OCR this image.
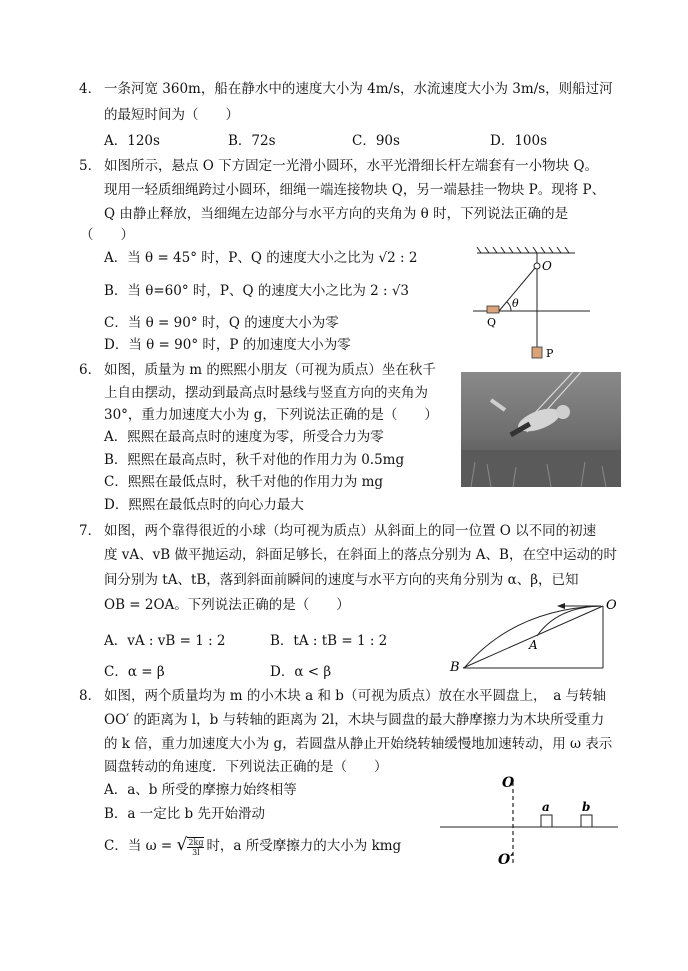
4． 一条河宽 360m，船在静水中的速度大小为 4m/s，水流速度大小为 3m/s，则船过河
的最短时间为（　　）
A．120s	B．72s	C．90s	D．100s
5． 如图所示，悬点 O 下方固定一光滑小圆环，水平光滑细长杆左端套有一小物块 Q。
现用一轻质细绳跨过小圆环，细绳一端连接物块 Q，另一端悬挂一物块 P。现将 P、
Q 由静止释放，当细绳左边部分与水平方向的夹角为 θ 时，下列说法正确的是
（　　）
A．当 θ = 45° 时，P、Q 的速度大小之比为 √2 : 2
B．当 θ=60° 时，P、Q 的速度大小之比为 2 : √3
C．当 θ = 90° 时，Q 的速度大小为零
D．当 θ = 90° 时，P 的加速度大小为零
O
θ
Q
P
6． 如图，质量为 m 的熙熙小朋友（可视为质点）坐在秋千
上自由摆动，摆动到最高点时悬线与竖直方向的夹角为
30°，重力加速度大小为 g，下列说法正确的是（　　）
A．熙熙在最高点时的速度为零，所受合力为零
B．熙熙在最高点时，秋千对他的作用力为 0.5mg
C．熙熙在最低点时，秋千对他的作用力为 mg
D．熙熙在最低点时的向心力最大
7． 如图，两个靠得很近的小球（均可视为质点）从斜面上的同一位置 O 以不同的初速
度 vA、vB 做平抛运动，斜面足够长，在斜面上的落点分别为 A、B，在空中运动的时
间分别为 tA、tB，落到斜面前瞬间的速度与水平方向的夹角分别为 α、β，已知
OB = 2OA。下列说法正确的是（　　）
A．vA : vB = 1 : 2	B．tA : tB = 1 : 2
C．α = β	D．α < β
O
A
B
8． 如图，两个质量均为 m 的小木块 a 和 b（可视为质点）放在水平圆盘上，　a 与转轴
OO′ 的距离为 l，b 与转轴的距离为 2l，木块与圆盘的最大静摩擦力为木块所受重力
的 k 倍，重力加速度大小为 g，若圆盘从静止开始绕转轴缓慢地加速转动，用 ω 表示
圆盘转动的角速度．下列说法正确的是（　　）
A．a、b 所受的摩擦力始终相等
B．a 一定比 b 先开始滑动
C．当 ω = √ $\frac{2kg}{3l}$ 时，a 所受摩擦力的大小为 kmg
O
a	b
O′
